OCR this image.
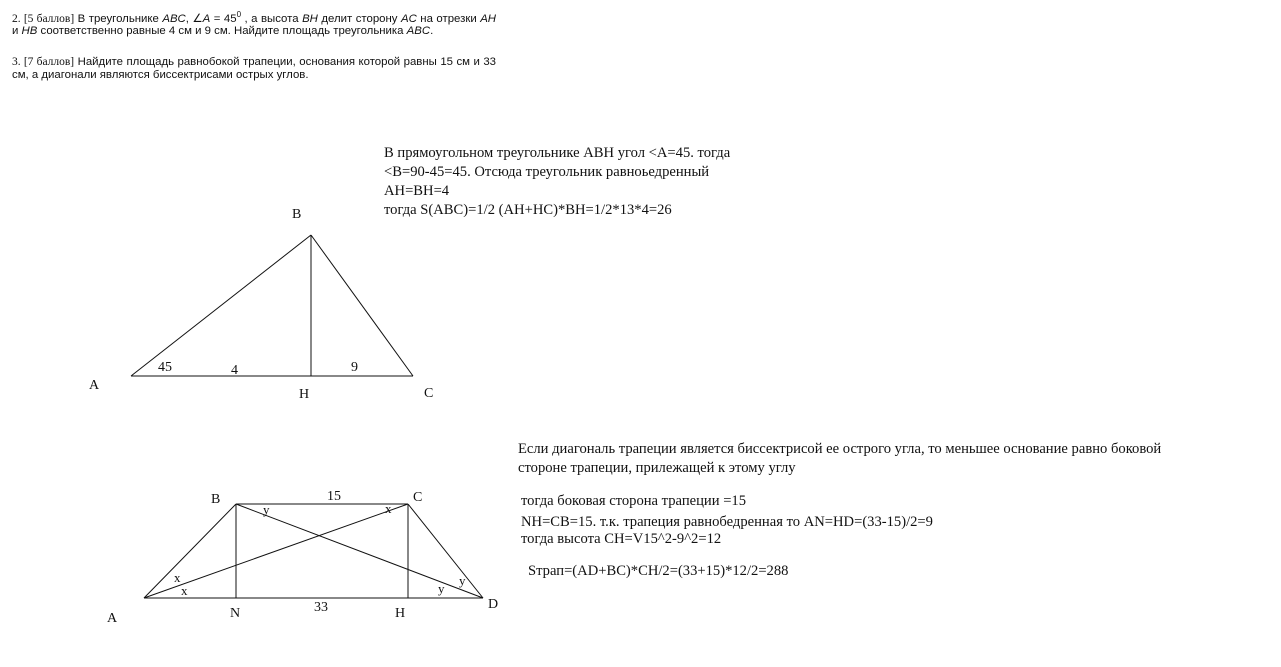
2. [5 баллов] В треугольнике ABC, ∠A = $45^0$ , а высота BH делит сторону AC на отрезки AH и HB соответственно равные 4 см и 9 см. Найдите площадь треугольника ABC.
3. [7 баллов] Найдите площадь равнобокой трапеции, основания которой равны 15 см и 33 см, а диагонали являются биссектрисами острых углов.
В прямоугольном треугольнике АВН угол <А=45. тогда
<В=90-45=45. Отсюда треугольник равноьедренный
АН=ВН=4
тогда S(ABC)=1/2 (AH+HC)*BH=1/2*13*4=26
Если диагональ трапеции является биссектрисой ее острого угла, то меньшее основание равно боковой
стороне трапеции, прилежащей к этому углу
тогда боковая сторона трапеции =15
NH=CB=15. т.к. трапеция равнобедренная то AN=HD=(33-15)/2=9
тогда высота CH=V15^2-9^2=12
Sтрап=(AD+BC)*CH/2=(33+15)*12/2=288
A
B
C
H
45	4	9
A
B	C
D
N	H
15
33
x
x
x
y
y
y
